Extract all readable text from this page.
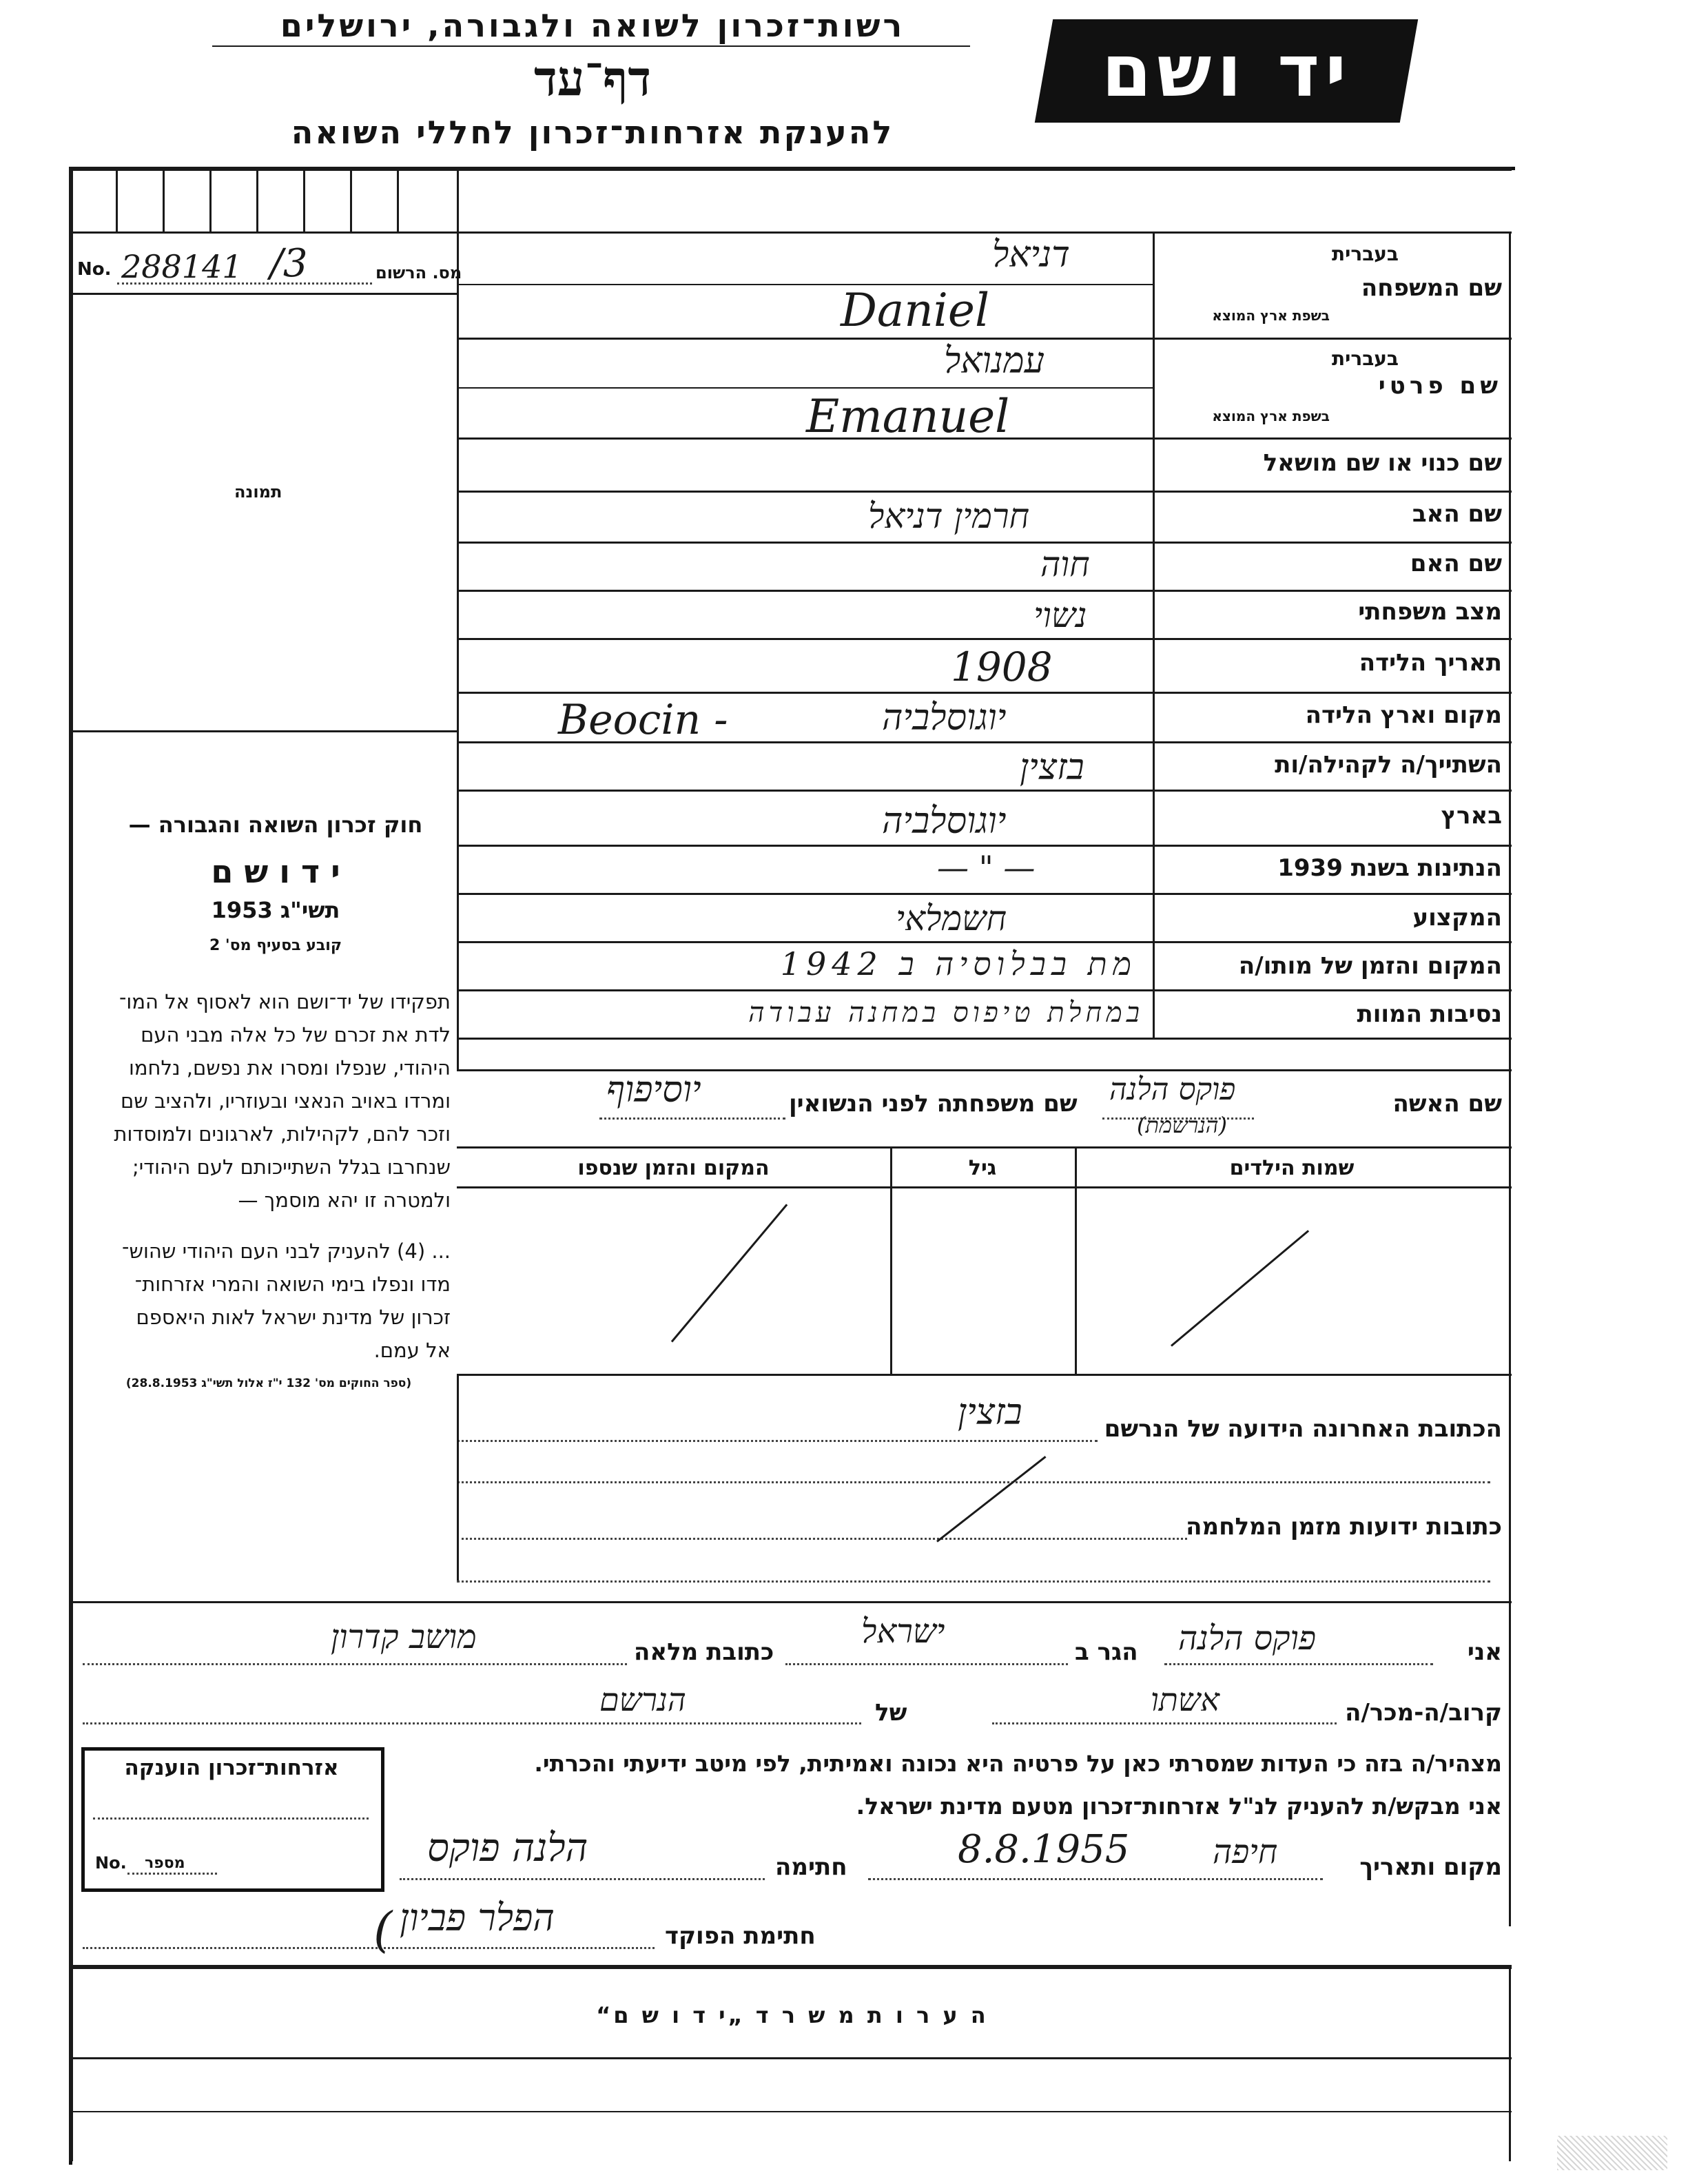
רשות־זכרון לשואה ולגבורה, ירושלים
דף־עד
להענקת אזרחות־זכרון לחללי השואה
יד ושם
No. 288141 /3	מס. הרשום
תמונה
חוק זכרון השואה והגבורה —
י ד ו ש ם
תשי"ג 1953
קובע בסעיף מס' 2
תפקידו של יד־ושם הוא לאסוף אל המו־
לדת את זכרם של כל אלה מבני העם
היהודי, שנפלו ומסרו את נפשם, נלחמו
ומרדו באויב הנאצי ובעוזריו, ולהציב שם
וזכר להם, לקהילות, לארגונים ולמוסדות
שנחרבו בגלל השתייכותם לעם היהודי;
ולמטרה זו יהא מוסמך —
... (4) להעניק לבני העם היהודי שהוש־
מדו ונפלו בימי השואה והמרי אזרחות־
זכרון של מדינת ישראל לאות היאספם
אל עמם.
(ספר החוקים מס' 132 י"ז אלול תשי"ג 28.8.1953)
שם המשפחה
בעברית
בשפת ארץ המוצא
דניאל
Daniel
שם פרטי
בעברית
בשפת ארץ המוצא
עמנואל
Emanuel
שם כנוי או שם מושאל
שם האב
חרמין דניאל
שם האם
חוה
מצב משפחתי
נשוי
תאריך הלידה
1908
מקום וארץ הלידה
Beocin -	יוגוסלביה
השתייך/ה לקהילה/ות
בזצין
בארץ
יוגוסלביה
הנתינות בשנת 1939
— " —
המקצוע
חשמלאי
המקום והזמן של מותו/ה
מת בבלוסיה ב 1942
נסיבות המוות
במחלת טיפוס במחנה עבודה
שם האשה
פוקס הלנה
(הנרשמת)
שם משפחתה לפני הנשואין
יוסיפוף
שמות הילדים
גיל
המקום והזמן שנספו
הכתובת האחרונה הידועה של הנרשם
בזצין
כתובות ידועות מזמן המלחמה
אני
פוקס הלנה
הגר ב
ישראל
כתובת מלאה
מושב קדרון
קרוב/ה-מכר/ה
אשתו
של
הנרשם
מצהיר/ה בזה כי העדות שמסרתי כאן על פרטיה היא נכונה ואמיתית, לפי מיטב ידיעתי והכרתי.
אני מבקש/ת להעניק לנ"ל אזרחות־זכרון מטעם מדינת ישראל.
מקום ותאריך
חיפה
8.8.1955
חתימה
הלנה פוקס
חתימת הפוקד
הפלר פביון
(
אזרחות־זכרון הוענקה
No. מספר
ה ע ר ו ת מ ש ר ד „י ד ו ש ם“
